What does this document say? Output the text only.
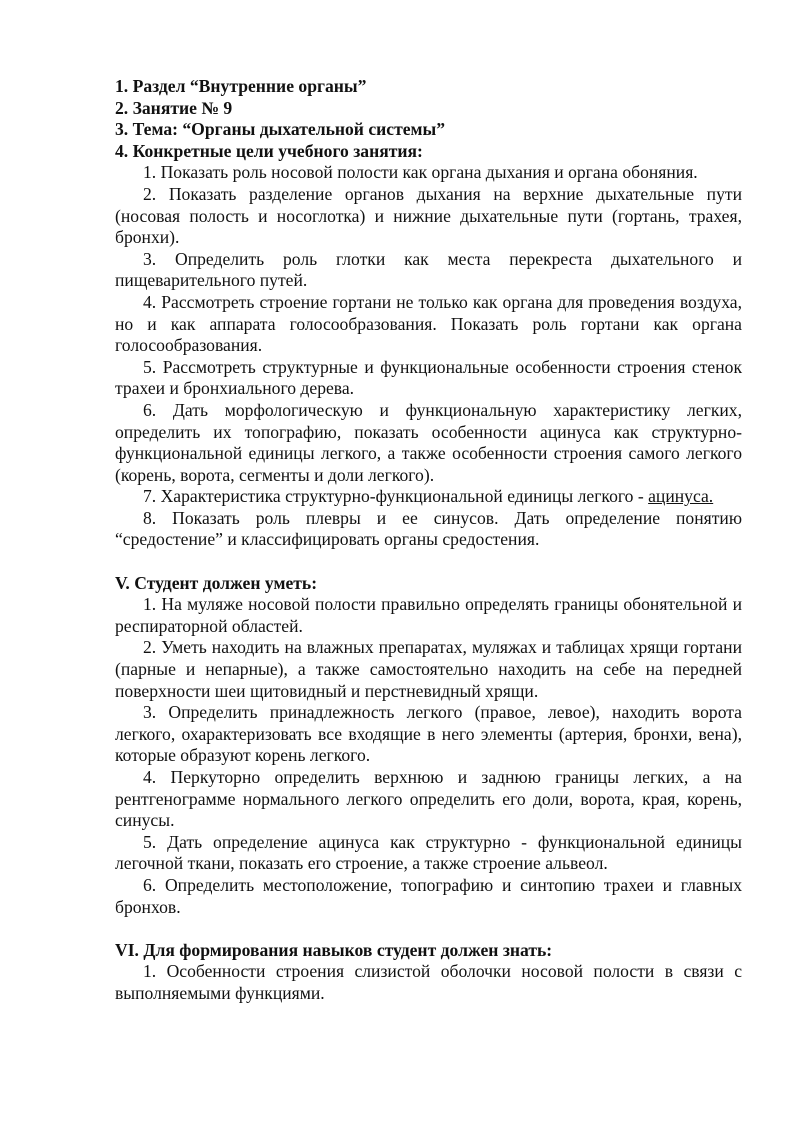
1. Раздел “Внутренние органы”

2. Занятие № 9

3. Тема: “Органы дыхательной системы”

4. Конкретные цели учебного занятия:

1. Показать роль носовой полости как органа дыхания и органа обоняния.

2. Показать разделение органов дыхания на верхние дыхательные пути (носовая полость и носоглотка) и нижние дыхательные пути (гортань, трахея, бронхи).

3. Определить роль глотки как места перекреста дыхательного и пищеварительного путей.

4. Рассмотреть строение гортани не только как органа для проведения воздуха, но и как аппарата голосообразования. Показать роль гортани как органа голосообразования.

5. Рассмотреть структурные и функциональные особенности строения стенок трахеи и бронхиального дерева.

6. Дать морфологическую и функциональную характеристику легких, определить их топографию, показать особенности ацинуса как структурно-функциональной единицы легкого, а также особенности строения самого легкого (корень, ворота, сегменты и доли легкого).

7. Характеристика структурно-функциональной единицы легкого - ацинуса.

8. Показать роль плевры и ее синусов. Дать определение понятию “средостение” и классифицировать органы средостения.

V. Студент должен уметь:

1. На муляже носовой полости правильно определять границы обонятельной и респираторной областей.

2. Уметь находить на влажных препаратах, муляжах и таблицах хрящи гортани (парные и непарные), а также самостоятельно находить на себе на передней поверхности шеи щитовидный и перстневидный хрящи.

3. Определить принадлежность легкого (правое, левое), находить ворота легкого, охарактеризовать все входящие в него элементы (артерия, бронхи, вена), которые образуют корень легкого.

4. Перкуторно определить верхнюю и заднюю границы легких, а на рентгенограмме нормального легкого определить его доли, ворота, края, корень, синусы.

5. Дать определение ацинуса как структурно - функциональной единицы легочной ткани, показать его строение, а также строение альвеол.

6. Определить местоположение, топографию и синтопию трахеи и главных бронхов.

VI. Для формирования навыков студент должен знать:

1. Особенности строения слизистой оболочки носовой полости в связи с выполняемыми функциями.
